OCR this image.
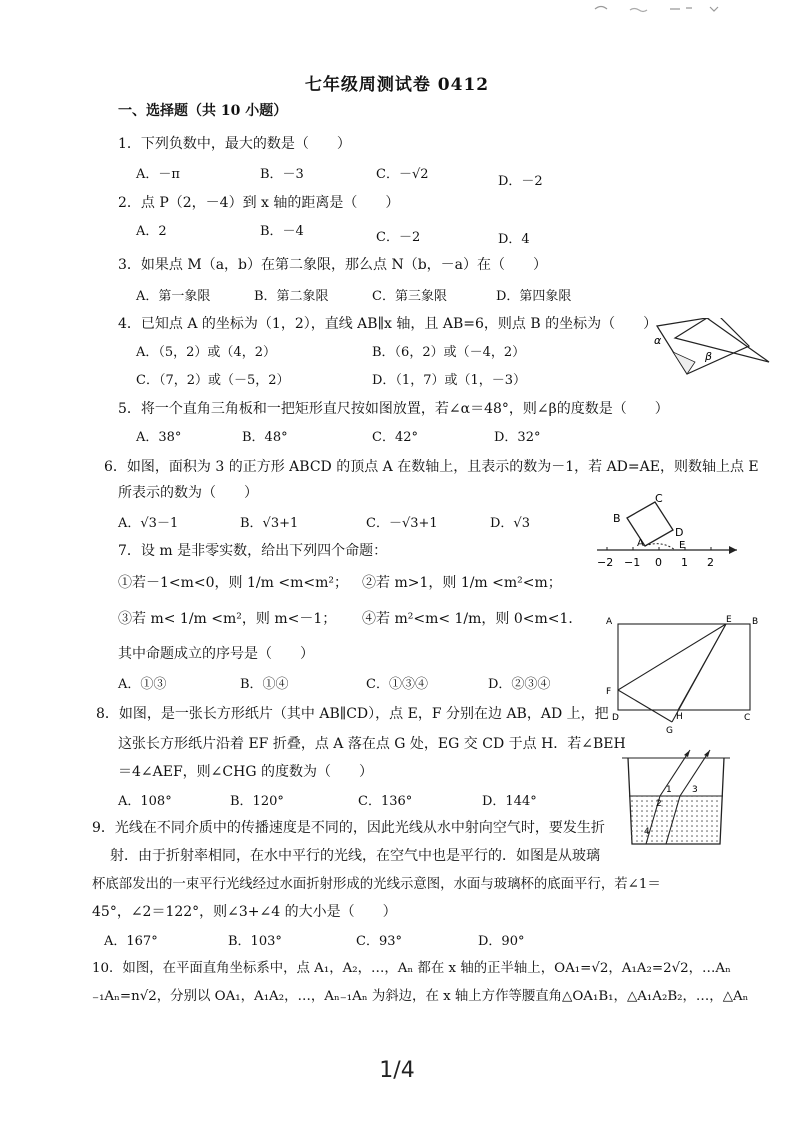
七年级周测试卷 0412
一、选择题（共 10 小题）
1．下列负数中，最大的数是（　　）
A．－π	B．－3	C．－√2	D．－2
2．点 P（2，－4）到 x 轴的距离是（　　）
A．2	B．－4	C．－2	D．4
3．如果点 M（a，b）在第二象限，那么点 N（b，－a）在（　　）
A．第一象限	B．第二象限	C．第三象限	D．第四象限
4．已知点 A 的坐标为（1，2），直线 AB∥x 轴，且 AB=6，则点 B 的坐标为（　　）
A．（5，2）或（4，2）	B．（6，2）或（－4，2）
C．（7，2）或（－5，2）	D．（1，7）或（1，－3）
5．将一个直角三角板和一把矩形直尺按如图放置，若∠α＝48°，则∠β的度数是（　　）
A．38°	B．48°	C．42°	D．32°
6．如图，面积为 3 的正方形 ABCD 的顶点 A 在数轴上，且表示的数为－1，若 AD=AE，则数轴上点 E
所表示的数为（　　）
A．√3－1	B．√3+1	C．－√3+1	D．√3
7．设 m 是非零实数，给出下列四个命题：
①若－1<m<0，则 1/m <m<m²； ②若 m>1，则 1/m <m²<m；
③若 m< 1/m <m²，则 m<－1； ④若 m²<m< 1/m，则 0<m<1．
其中命题成立的序号是（　　）
A．①③	B．①④	C．①③④	D．②③④
8．如图，是一张长方形纸片（其中 AB∥CD），点 E，F 分别在边 AB，AD 上，把
这张长方形纸片沿着 EF 折叠，点 A 落在点 G 处，EG 交 CD 于点 H．若∠BEH
＝4∠AEF，则∠CHG 的度数为（　　）
A．108°	B．120°	C．136°	D．144°
9．光线在不同介质中的传播速度是不同的，因此光线从水中射向空气时，要发生折
射．由于折射率相同，在水中平行的光线，在空气中也是平行的．如图是从玻璃
杯底部发出的一束平行光线经过水面折射形成的光线示意图，水面与玻璃杯的底面平行，若∠1＝
45°，∠2＝122°，则∠3+∠4 的大小是（　　）
A．167°	B．103°	C．93°	D．90°
10．如图，在平面直角坐标系中，点 A₁，A₂，…，Aₙ 都在 x 轴的正半轴上，OA₁=√2，A₁A₂=2√2，…Aₙ
₋₁Aₙ=n√2，分别以 OA₁，A₁A₂，…，Aₙ₋₁Aₙ 为斜边，在 x 轴上方作等腰直角△OA₁B₁，△A₁A₂B₂，…，△Aₙ
α
β
B
C
D
A	E
−2 −1 0 1 2
A	E B
F
D	H	C
G
1 3
2
4
1/4
